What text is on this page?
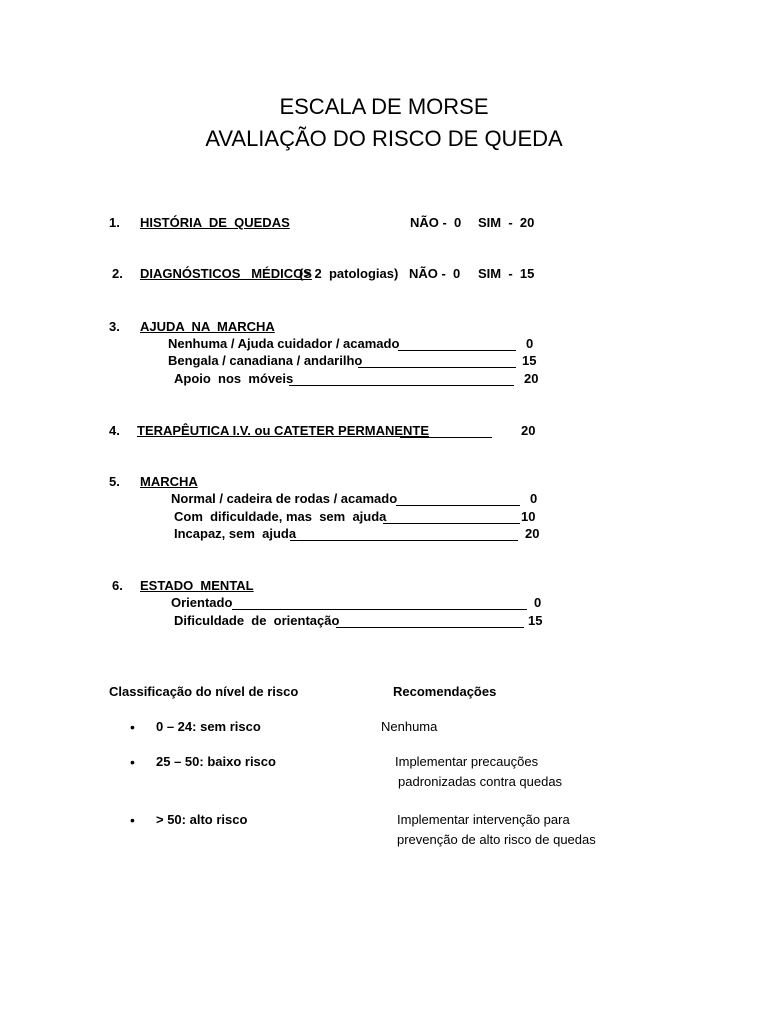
ESCALA DE MORSE
AVALIAÇÃO DO RISCO DE QUEDA
1. HISTÓRIA  DE  QUEDAS	NÃO -  0 SIM  -  20
2. DIAGNÓSTICOS   MÉDICOS
(> 2  patologias) NÃO -  0 SIM  -  15
3. AJUDA  NA  MARCHA
Nenhuma / Ajuda cuidador / acamado	0
Bengala / canadiana / andarilho	15
Apoio  nos  móveis	20
4. TERAPÊUTICA I.V. ou CATETER PERMANENTE	20
5. MARCHA
Normal / cadeira de rodas / acamado	0
Com  dificuldade, mas  sem  ajuda	10
Incapaz, sem  ajuda	20
6. ESTADO  MENTAL
Orientado	0
Dificuldade  de  orientação	15
Classificação do nível de risco	Recomendações
• 0 – 24: sem risco	Nenhuma
• 25 – 50: baixo risco	Implementar precauções
padronizadas contra quedas
• > 50: alto risco	Implementar intervenção para
prevenção de alto risco de quedas
